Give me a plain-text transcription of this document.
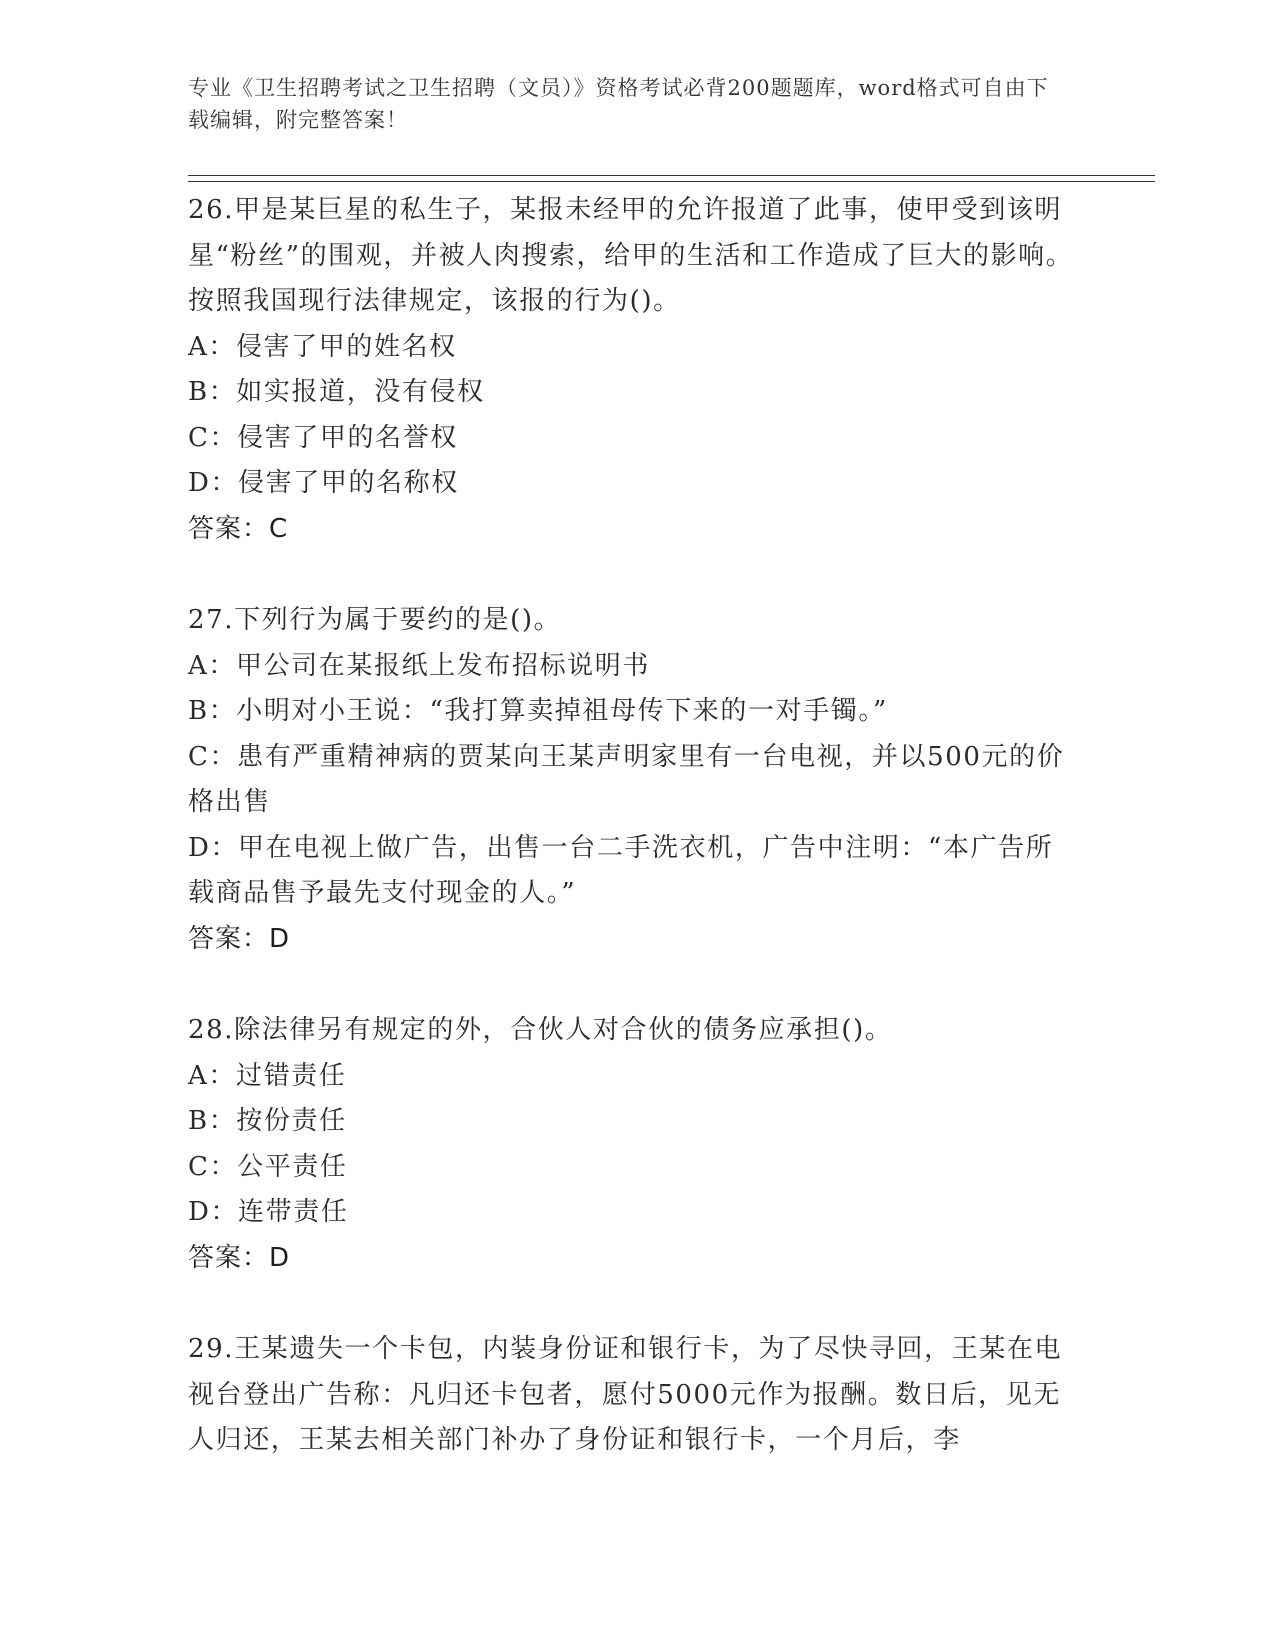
专业《卫生招聘考试之卫生招聘（文员）》资格考试必背200题题库，word格式可自由下载编辑，附完整答案！

26.甲是某巨星的私生子，某报未经甲的允许报道了此事，使甲受到该明星“粉丝”的围观，并被人肉搜索，给甲的生活和工作造成了巨大的影响。按照我国现行法律规定，该报的行为()。

A：侵害了甲的姓名权

B：如实报道，没有侵权

C：侵害了甲的名誉权

D：侵害了甲的名称权

答案：C

27.下列行为属于要约的是()。

A：甲公司在某报纸上发布招标说明书

B：小明对小王说：“我打算卖掉祖母传下来的一对手镯。”

C：患有严重精神病的贾某向王某声明家里有一台电视，并以500元的价格出售

D：甲在电视上做广告，出售一台二手洗衣机，广告中注明：“本广告所载商品售予最先支付现金的人。”

答案：D

28.除法律另有规定的外，合伙人对合伙的债务应承担()。

A：过错责任

B：按份责任

C：公平责任

D：连带责任

答案：D

29.王某遗失一个卡包，内装身份证和银行卡，为了尽快寻回，王某在电视台登出广告称：凡归还卡包者，愿付5000元作为报酬。数日后，见无人归还，王某去相关部门补办了身份证和银行卡，一个月后，李
